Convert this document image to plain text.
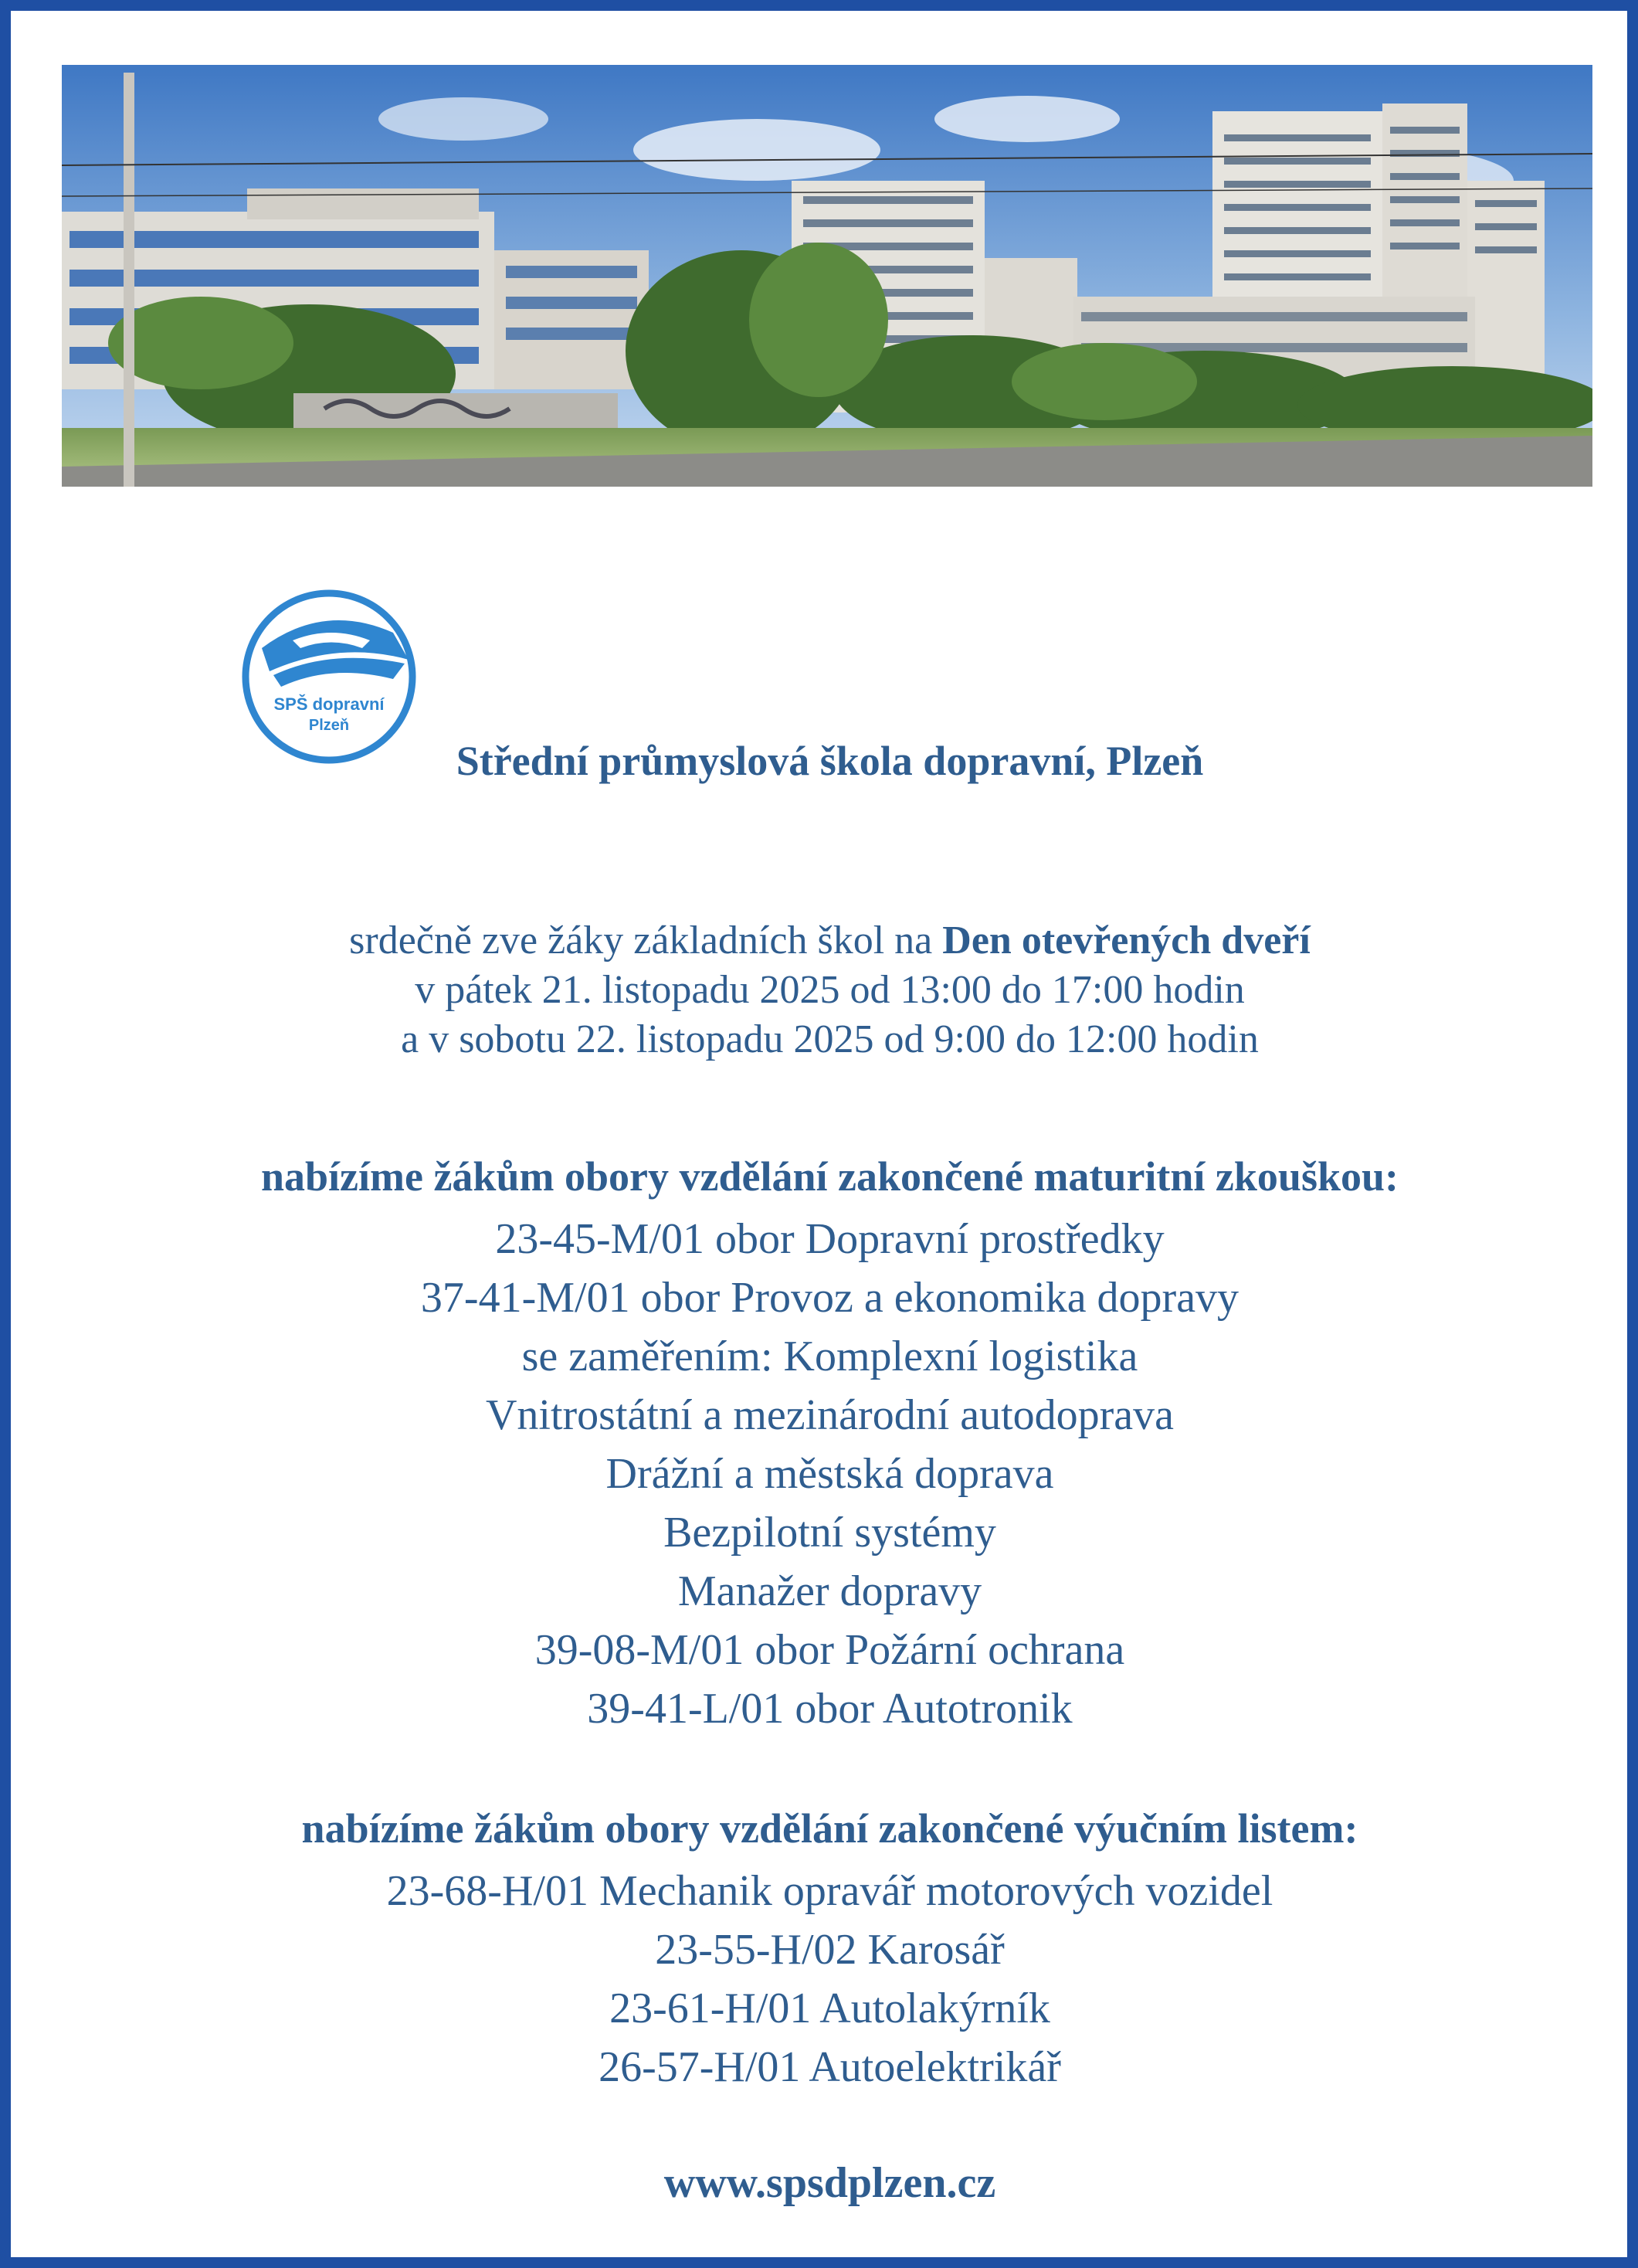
SPŠ dopravní
Plzeň
Střední průmyslová škola dopravní, Plzeň
srdečně zve žáky základních škol na Den otevřených dveří
v pátek 21. listopadu 2025 od 13:00 do 17:00 hodin
a v sobotu 22. listopadu 2025 od 9:00 do 12:00 hodin
nabízíme žákům obory vzdělání zakončené maturitní zkouškou:
23-45-M/01 obor Dopravní prostředky
37-41-M/01 obor Provoz a ekonomika dopravy
se zaměřením: Komplexní logistika
Vnitrostátní a mezinárodní autodoprava
Drážní a městská doprava
Bezpilotní systémy
Manažer dopravy
39-08-M/01 obor Požární ochrana
39-41-L/01 obor Autotronik
nabízíme žákům obory vzdělání zakončené výučním listem:
23-68-H/01 Mechanik opravář motorových vozidel
23-55-H/02 Karosář
23-61-H/01 Autolakýrník
26-57-H/01 Autoelektrikář
www.spsdplzen.cz
